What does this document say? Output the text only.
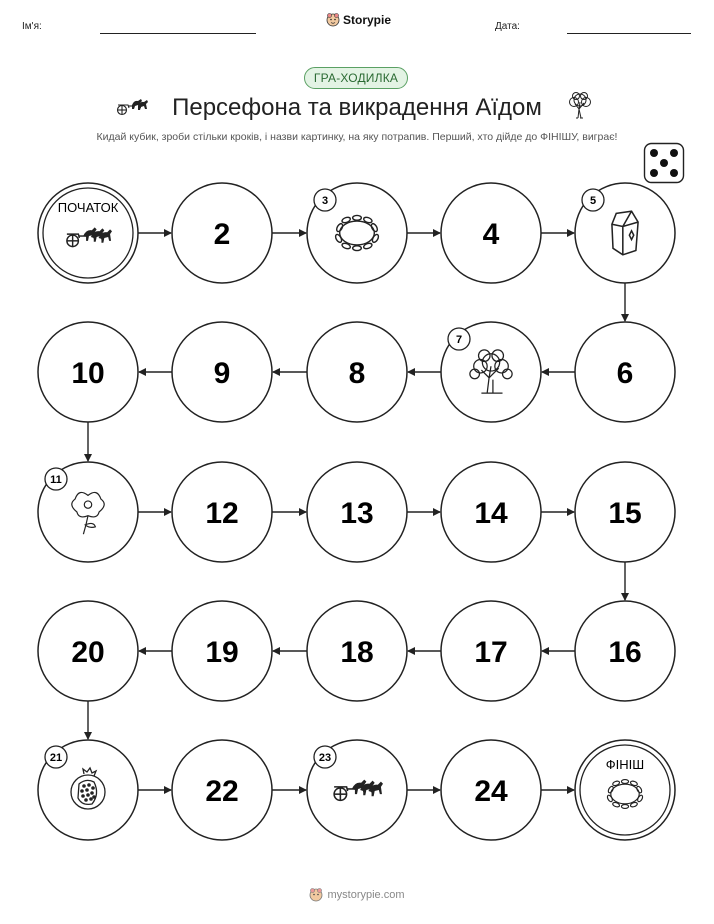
Ім'я:	Storypie	Дата:
ГРА-ХОДИЛКА
Персефона та викрадення Аїдом
Кидай кубик, зроби стільки кроків, і назви картинку, на яку потрапив. Перший, хто дійде до ФІНІШУ, виграє!
ПОЧАТОК
2
3
4
5
6
7
8
9
10
11
12	13	14	15
16
17
18
19
20
21
22
23
24
ФІНІШ
mystorypie.com
